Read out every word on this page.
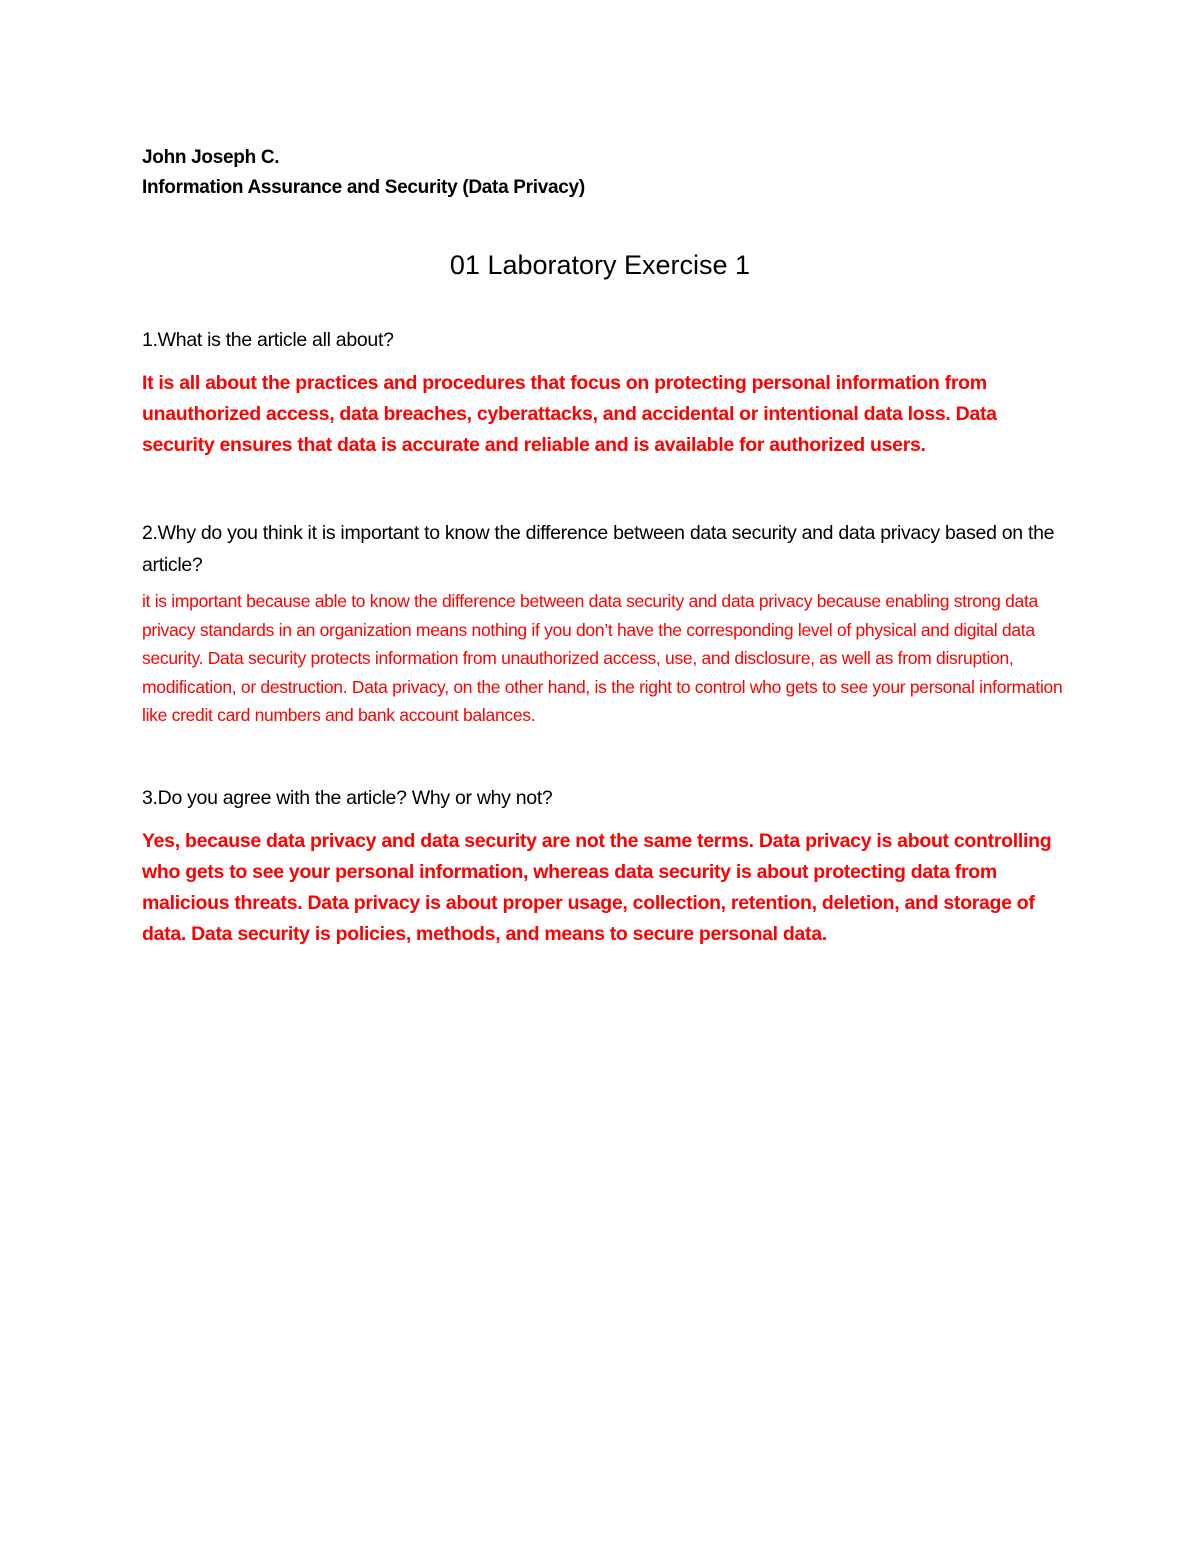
John Joseph C.
Information Assurance and Security (Data Privacy)
01 Laboratory Exercise 1
1.What is the article all about?
It is all about the practices and procedures that focus on protecting personal information from unauthorized access, data breaches, cyberattacks, and accidental or intentional data loss. Data security ensures that data is accurate and reliable and is available for authorized users.
2.Why do you think it is important to know the difference between data security and data privacy based on the article?
it is important because able to know the difference between data security and data privacy because enabling strong data privacy standards in an organization means nothing if you don’t have the corresponding level of physical and digital data security. Data security protects information from unauthorized access, use, and disclosure, as well as from disruption, modification, or destruction. Data privacy, on the other hand, is the right to control who gets to see your personal information like credit card numbers and bank account balances.
3.Do you agree with the article? Why or why not?
Yes, because data privacy and data security are not the same terms. Data privacy is about controlling who gets to see your personal information, whereas data security is about protecting data from malicious threats. Data privacy is about proper usage, collection, retention, deletion, and storage of data. Data security is policies, methods, and means to secure personal data.
